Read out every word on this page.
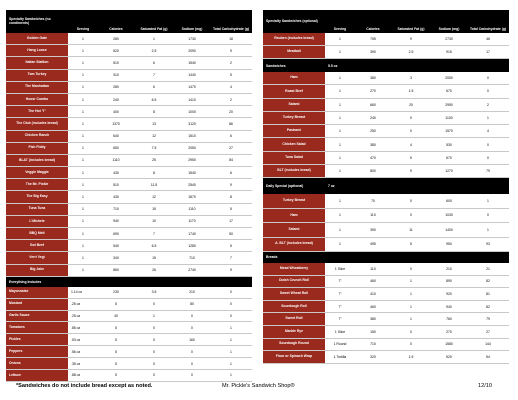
Specialty Sandwiches (no condiments)
Serving	Calories	Saturated Fat (g)	Sodium (mg)	Total Carbohydrate (g)
Golden Gate	1	280	1	1730	18
Hang Loose	1	520	2.5	2090	9
Italian Stallion	1	510	6	1540	2
Tom Turkey	1	310	7	1440	5
The Manhattan	1	280	6	1470	4
Hoosr Combo	1	240	6.5	1410	2
The Hot "I"	1	400	8	1000	20
The Club (includes bread)	1	1370	13	3120	86
Chicken Ranch	1	640	12	1510	6
Fish Fiddy	1	650	7.5	2050	27
BLAT (includes bread)	1	1110	25	2950	84
Veggie Maggie	1	430	8	1540	6
The Mr. Pickle	1	510	11.5	2540	9
The Big Easy	1	430	12	1870	8
Tuna Tuna	1	710	15	1110	5
L'Michele	1	940	10	1170	17
BBQ Melt	1	690	7	1740	50
Got Beef	1	540	6.5	1280	5
Verri Vegi	1	340	15	710	7
Big Jake	1	860	26	2740	9
Everything Includes
Mayonnaise	1.14 oz	230	3.5	210	0
Mustard	.25 oz	5	0	80	0
Garlic Sauce	.25 oz	40	1	0	0
Tomatoes	.85 oz	5	0	0	1
Pickles	.53 oz	5	0	160	1
Peppers	.56 oz	5	0	0	1
Onions	.35 oz	5	0	0	1
Lettuce	.88 oz	5	0	0	1
Specialty Sandwiches (optional)
Serving	Calories	Saturated Fat (g)	Sodium (mg)	Total Carbohydrate (g)
Reuben (includes bread)	1	755	9	2730	46
Meatball	1	390	2.5	915	17
Sandwiches	5.5 oz
Ham	1	380	3	2050	0
Roast Beef	1	270	1.5	670	0
Salami	1	660	20	2950	2
Turkey Breast	1	240	0	1100	1
Pastrami	1	250	0	1570	4
Chicken Salad	1	380	4	530	0
Tuna Salad	1	470	5	670	0
BLT (includes bread)	1	800	9	1270	79
Daily Special (optional)	7 oz
Turkey Breast	1	70	0	600	1
Ham	1	110	0	1030	0
Salami	1	390	11	1400	1
A. BLT (includes bread)	1	495	5	950	93
Breads
Mead Wheatberry	1 Slice	110	0	210	21
Dutch Crunch Roll	7"	460	1	890	82
Sweet Wheat Roll	7"	410	1	920	81
Sourdough Roll	7"	460	1	940	82
Sweet Roll	7"	380	1	760	79
Marble Rye	1 Slice	150	0	270	27
Sourdough Round	1 Round	710	0	1580	144
Flour or Spinach Wrap	1 Tortilla	320	1.5	520	54
*Sandwiches do not include bread except as noted.	Mr. Pickle's Sandwich Shop®	12/10
